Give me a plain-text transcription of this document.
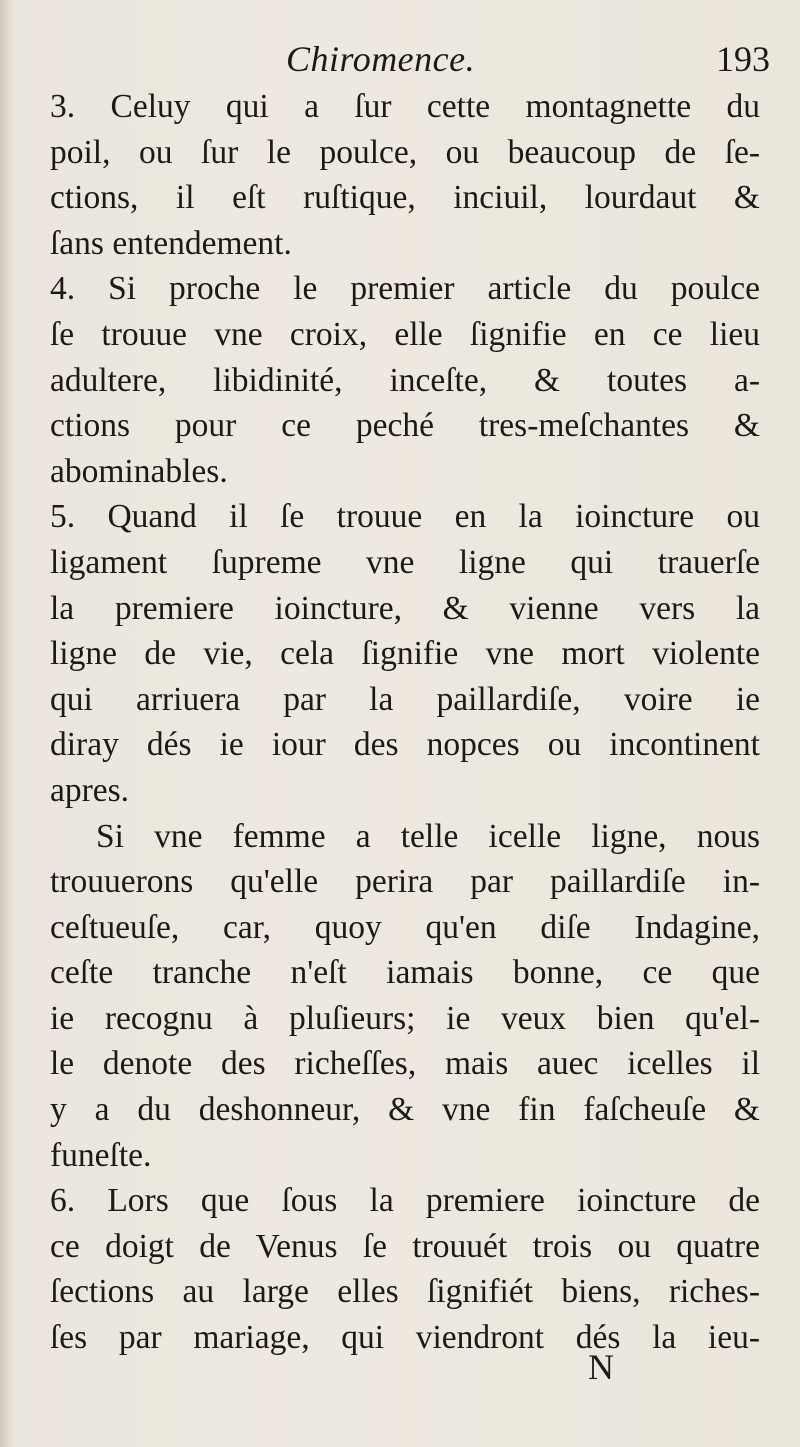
Chiromence.	193
3. Celuy qui a ſur cette montagnette du
poil, ou ſur le poulce, ou beaucoup de ſe-
ctions, il eſt ruſtique, inciuil, lourdaut &
ſans entendement.
4. Si proche le premier article du poulce
ſe trouue vne croix, elle ſignifie en ce lieu
adultere, libidinité, inceſte, & toutes a-
ctions pour ce peché tres-meſchantes &
abominables.
5. Quand il ſe trouue en la ioincture ou
ligament ſupreme vne ligne qui trauerſe
la premiere ioincture, & vienne vers la
ligne de vie, cela ſignifie vne mort violente
qui arriuera par la paillardiſe, voire ie
diray dés ie iour des nopces ou incontinent
apres.
Si vne femme a telle icelle ligne, nous
trouuerons qu'elle perira par paillardiſe in-
ceſtueuſe, car, quoy qu'en diſe Indagine,
ceſte tranche n'eſt iamais bonne, ce que
ie recognu à pluſieurs; ie veux bien qu'el-
le denote des richeſſes, mais auec icelles il
y a du deshonneur, & vne fin faſcheuſe &
funeſte.
6. Lors que ſous la premiere ioincture de
ce doigt de Venus ſe trouuét trois ou quatre
ſections au large elles ſignifiét biens, riches-
ſes par mariage, qui viendront dés la ieu-
N
